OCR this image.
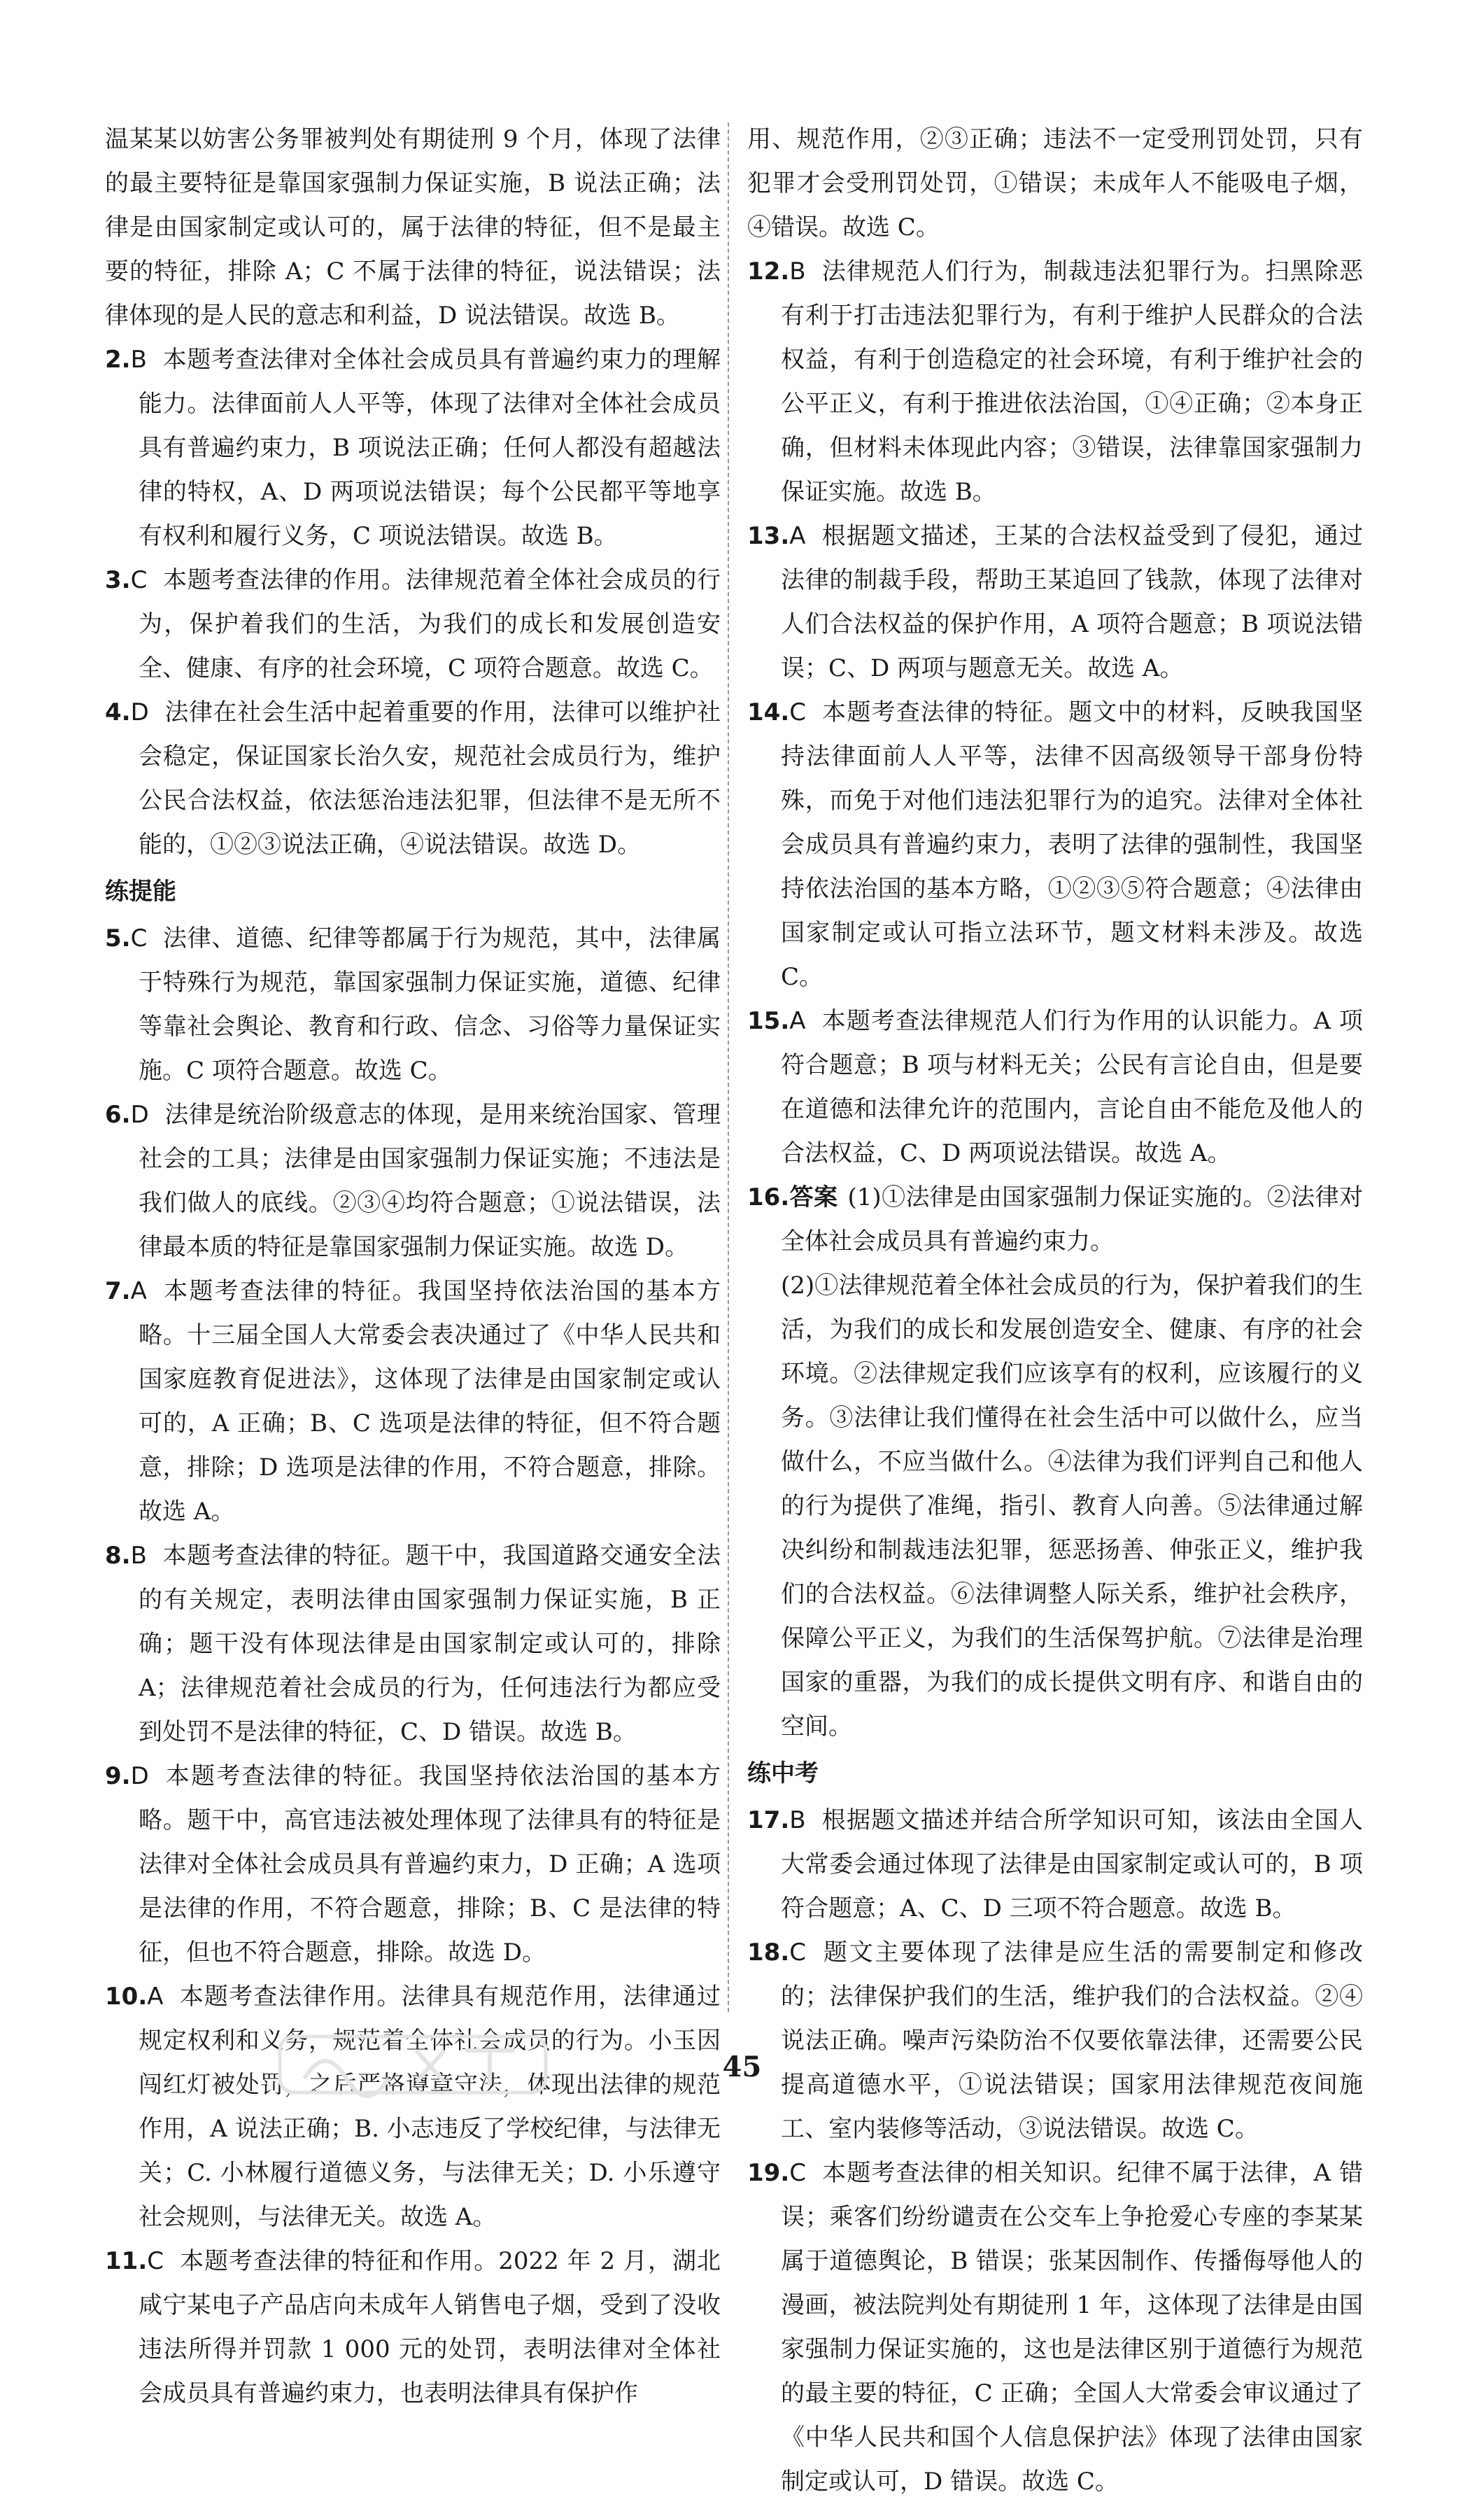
温某某以妨害公务罪被判处有期徒刑 9 个月，体现了法律的最主要特征是靠国家强制力保证实施，B 说法正确；法律是由国家制定或认可的，属于法律的特征，但不是最主要的特征，排除 A；C 不属于法律的特征，说法错误；法律体现的是人民的意志和利益，D 说法错误。故选 B。

2.B 本题考查法律对全体社会成员具有普遍约束力的理解能力。法律面前人人平等，体现了法律对全体社会成员具有普遍约束力，B 项说法正确；任何人都没有超越法律的特权，A、D 两项说法错误；每个公民都平等地享有权利和履行义务，C 项说法错误。故选 B。

3.C 本题考查法律的作用。法律规范着全体社会成员的行为，保护着我们的生活，为我们的成长和发展创造安全、健康、有序的社会环境，C 项符合题意。故选 C。

4.D 法律在社会生活中起着重要的作用，法律可以维护社会稳定，保证国家长治久安，规范社会成员行为，维护公民合法权益，依法惩治违法犯罪，但法律不是无所不能的，①②③说法正确，④说法错误。故选 D。

练提能

5.C 法律、道德、纪律等都属于行为规范，其中，法律属于特殊行为规范，靠国家强制力保证实施，道德、纪律等靠社会舆论、教育和行政、信念、习俗等力量保证实施。C 项符合题意。故选 C。

6.D 法律是统治阶级意志的体现，是用来统治国家、管理社会的工具；法律是由国家强制力保证实施；不违法是我们做人的底线。②③④均符合题意；①说法错误，法律最本质的特征是靠国家强制力保证实施。故选 D。

7.A 本题考查法律的特征。我国坚持依法治国的基本方略。十三届全国人大常委会表决通过了《中华人民共和国家庭教育促进法》，这体现了法律是由国家制定或认可的，A 正确；B、C 选项是法律的特征，但不符合题意，排除；D 选项是法律的作用，不符合题意，排除。故选 A。

8.B 本题考查法律的特征。题干中，我国道路交通安全法的有关规定，表明法律由国家强制力保证实施，B 正确；题干没有体现法律是由国家制定或认可的，排除 A；法律规范着社会成员的行为，任何违法行为都应受到处罚不是法律的特征，C、D 错误。故选 B。

9.D 本题考查法律的特征。我国坚持依法治国的基本方略。题干中，高官违法被处理体现了法律具有的特征是法律对全体社会成员具有普遍约束力，D 正确；A 选项是法律的作用，不符合题意，排除；B、C 是法律的特征，但也不符合题意，排除。故选 D。

10.A 本题考查法律作用。法律具有规范作用，法律通过规定权利和义务，规范着全体社会成员的行为。小玉因闯红灯被处罚，之后严格遵章守法，体现出法律的规范作用，A 说法正确；B. 小志违反了学校纪律，与法律无关；C. 小林履行道德义务，与法律无关；D. 小乐遵守社会规则，与法律无关。故选 A。

11.C 本题考查法律的特征和作用。2022 年 2 月，湖北咸宁某电子产品店向未成年人销售电子烟，受到了没收违法所得并罚款 1 000 元的处罚，表明法律对全体社会成员具有普遍约束力，也表明法律具有保护作

用、规范作用，②③正确；违法不一定受刑罚处罚，只有犯罪才会受刑罚处罚，①错误；未成年人不能吸电子烟，④错误。故选 C。

12.B 法律规范人们行为，制裁违法犯罪行为。扫黑除恶有利于打击违法犯罪行为，有利于维护人民群众的合法权益，有利于创造稳定的社会环境，有利于维护社会的公平正义，有利于推进依法治国，①④正确；②本身正确，但材料未体现此内容；③错误，法律靠国家强制力保证实施。故选 B。

13.A 根据题文描述，王某的合法权益受到了侵犯，通过法律的制裁手段，帮助王某追回了钱款，体现了法律对人们合法权益的保护作用，A 项符合题意；B 项说法错误；C、D 两项与题意无关。故选 A。

14.C 本题考查法律的特征。题文中的材料，反映我国坚持法律面前人人平等，法律不因高级领导干部身份特殊，而免于对他们违法犯罪行为的追究。法律对全体社会成员具有普遍约束力，表明了法律的强制性，我国坚持依法治国的基本方略，①②③⑤符合题意；④法律由国家制定或认可指立法环节，题文材料未涉及。故选 C。

15.A 本题考查法律规范人们行为作用的认识能力。A 项符合题意；B 项与材料无关；公民有言论自由，但是要在道德和法律允许的范围内，言论自由不能危及他人的合法权益，C、D 两项说法错误。故选 A。

16.答案 (1)①法律是由国家强制力保证实施的。②法律对全体社会成员具有普遍约束力。

(2)①法律规范着全体社会成员的行为，保护着我们的生活，为我们的成长和发展创造安全、健康、有序的社会环境。②法律规定我们应该享有的权利，应该履行的义务。③法律让我们懂得在社会生活中可以做什么，应当做什么，不应当做什么。④法律为我们评判自己和他人的行为提供了准绳，指引、教育人向善。⑤法律通过解决纠纷和制裁违法犯罪，惩恶扬善、伸张正义，维护我们的合法权益。⑥法律调整人际关系，维护社会秩序，保障公平正义，为我们的生活保驾护航。⑦法律是治理国家的重器，为我们的成长提供文明有序、和谐自由的空间。

练中考

17.B 根据题文描述并结合所学知识可知，该法由全国人大常委会通过体现了法律是由国家制定或认可的，B 项符合题意；A、C、D 三项不符合题意。故选 B。

18.C 题文主要体现了法律是应生活的需要制定和修改的；法律保护我们的生活，维护我们的合法权益。②④说法正确。噪声污染防治不仅要依靠法律，还需要公民提高道德水平，①说法错误；国家用法律规范夜间施工、室内装修等活动，③说法错误。故选 C。

19.C 本题考查法律的相关知识。纪律不属于法律，A 错误；乘客们纷纷谴责在公交车上争抢爱心专座的李某某属于道德舆论，B 错误；张某因制作、传播侮辱他人的漫画，被法院判处有期徒刑 1 年，这体现了法律是由国家强制力保证实施的，这也是法律区别于道德行为规范的最主要的特征，C 正确；全国人大常委会审议通过了《中华人民共和国个人信息保护法》体现了法律由国家制定或认可，D 错误。故选 C。

45
